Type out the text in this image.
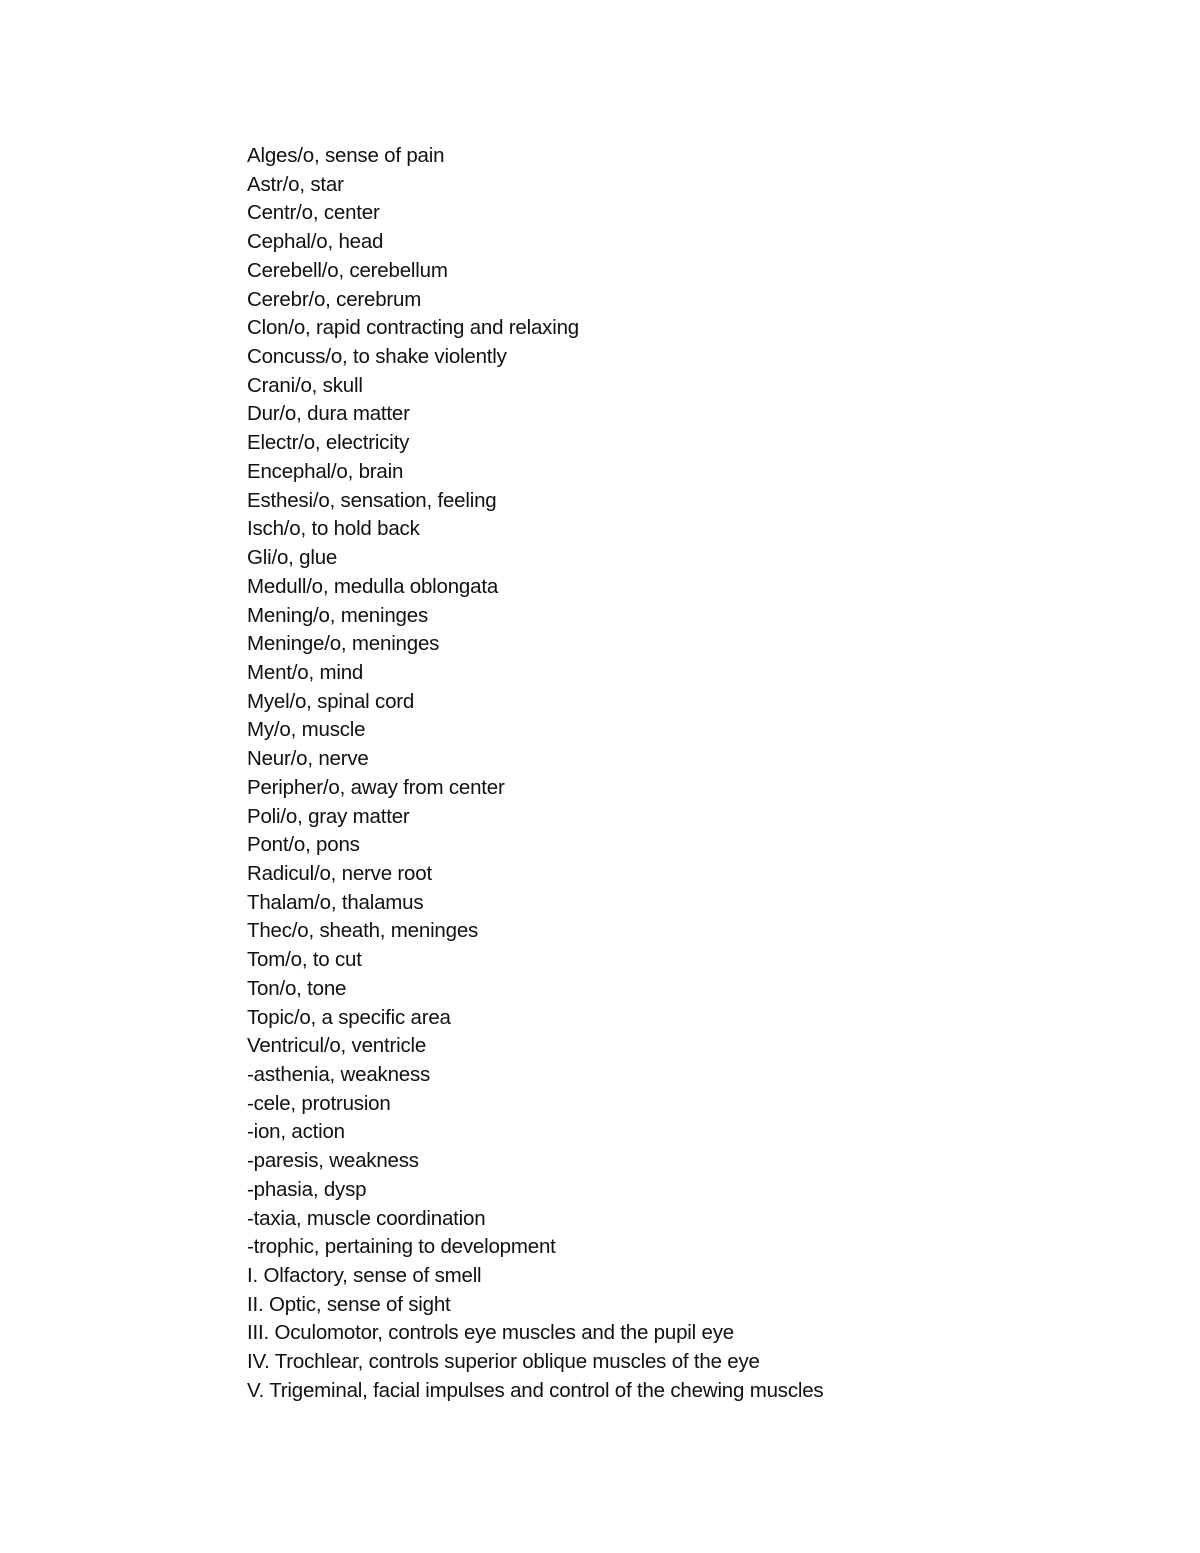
Alges/o, sense of pain
Astr/o, star
Centr/o, center
Cephal/o, head
Cerebell/o, cerebellum
Cerebr/o, cerebrum
Clon/o, rapid contracting and relaxing
Concuss/o, to shake violently
Crani/o, skull
Dur/o, dura matter
Electr/o, electricity
Encephal/o, brain
Esthesi/o, sensation, feeling
Isch/o, to hold back
Gli/o, glue
Medull/o, medulla oblongata
Mening/o, meninges
Meninge/o, meninges
Ment/o, mind
Myel/o, spinal cord
My/o, muscle
Neur/o, nerve
Peripher/o, away from center
Poli/o, gray matter
Pont/o, pons
Radicul/o, nerve root
Thalam/o, thalamus
Thec/o, sheath, meninges
Tom/o, to cut
Ton/o, tone
Topic/o, a specific area
Ventricul/o, ventricle
-asthenia, weakness
-cele, protrusion
-ion, action
-paresis, weakness
-phasia, dysp
-taxia, muscle coordination
-trophic, pertaining to development
I. Olfactory, sense of smell
II. Optic, sense of sight
III. Oculomotor, controls eye muscles and the pupil eye
IV. Trochlear, controls superior oblique muscles of the eye
V. Trigeminal, facial impulses and control of the chewing muscles
